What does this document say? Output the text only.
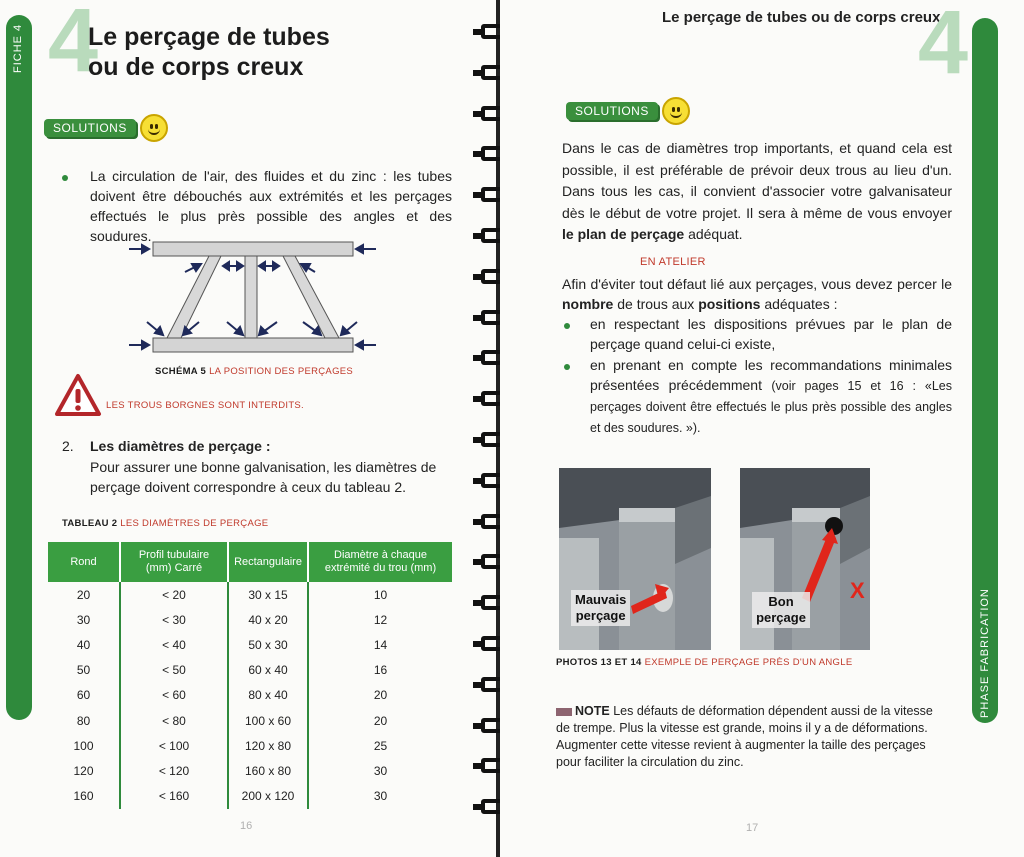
FICHE 4 4
Le perçage de tubes
ou de corps creux
SOLUTIONS
La circulation de l'air, des fluides et du zinc : les tubes doivent être débouchés aux extrémités et les perçages effectués le plus près possible des angles et des soudures.
SCHÉMA 5 LA POSITION DES PERÇAGES
LES TROUS BORGNES SONT INTERDITS.
2. Les diamètres de perçage :
Pour assurer une bonne galvanisation, les diamètres de perçage doivent correspondre à ceux du tableau 2.
TABLEAU 2 LES DIAMÈTRES DE PERÇAGE
Rond	Profil tubulaire (mm) Carré	Rectangulaire	Diamètre à chaque extrémité du trou (mm)
20	< 20	30 x 15	10
30	< 30	40 x 20	12
40	< 40	50 x 30	14
50	< 50	60 x 40	16
60	< 60	80 x 40	20
80	< 80	100 x 60	20
100	< 100	120 x 80	25
120	< 120	160 x 80	30
160	< 160	200 x 120	30
16
Le perçage de tubes ou de corps creux
4
PHASE FABRICATION
SOLUTIONS
Dans le cas de diamètres trop importants, et quand cela est possible, il est préférable de prévoir deux trous au lieu d'un. Dans tous les cas, il convient d'associer votre galvanisateur dès le début de votre projet. Il sera à même de vous envoyer le plan de perçage adéquat.
EN ATELIER
Afin d'éviter tout défaut lié aux perçages, vous devez percer le nombre de trous aux positions adéquates :
en respectant les dispositions prévues par le plan de perçage quand celui-ci existe,
en prenant en compte les recommandations minimales présentées précédemment (voir pages 15 et 16 : «Les perçages doivent être effectués le plus près possible des angles et des soudures. »).
Mauvais
perçage
Bon
perçage
X
PHOTOS 13 ET 14 EXEMPLE DE PERÇAGE PRÈS D'UN ANGLE
NOTE Les défauts de déformation dépendent aussi de la vitesse de trempe. Plus la vitesse est grande, moins il y a de déformations. Augmenter cette vitesse revient à augmenter la taille des perçages pour faciliter la circulation du zinc.
17
